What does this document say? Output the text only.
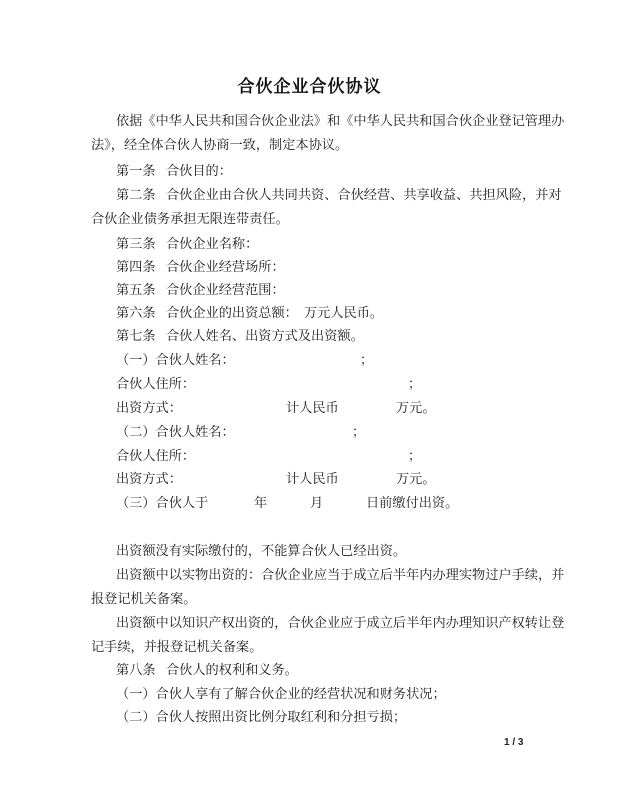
合伙企业合伙协议
依据《中华人民共和国合伙企业法》和《中华人民共和国合伙企业登记管理办
法》，经全体合伙人协商一致，制定本协议。
第一条 合伙目的：
第二条 合伙企业由合伙人共同共资、合伙经营、共享收益、共担风险，并对
合伙企业债务承担无限连带责任。
第三条 合伙企业名称：
第四条 合伙企业经营场所：
第五条 合伙企业经营范围：
第六条 合伙企业的出资总额： 万元人民币。
第七条 合伙人姓名、出资方式及出资额。
（一）合伙人姓名：	；
合伙人住所：	；
出资方式：	计人民币	万元。
（二）合伙人姓名：	；
合伙人住所：	；
出资方式：	计人民币	万元。
（三）合伙人于	年	月	日前缴付出资。
出资额没有实际缴付的，不能算合伙人已经出资。
出资额中以实物出资的：合伙企业应当于成立后半年内办理实物过户手续，并
报登记机关备案。
出资额中以知识产权出资的，合伙企业应于成立后半年内办理知识产权转让登
记手续，并报登记机关备案。
第八条 合伙人的权利和义务。
（一）合伙人享有了解合伙企业的经营状况和财务状况；
（二）合伙人按照出资比例分取红利和分担亏损；
1 / 3
